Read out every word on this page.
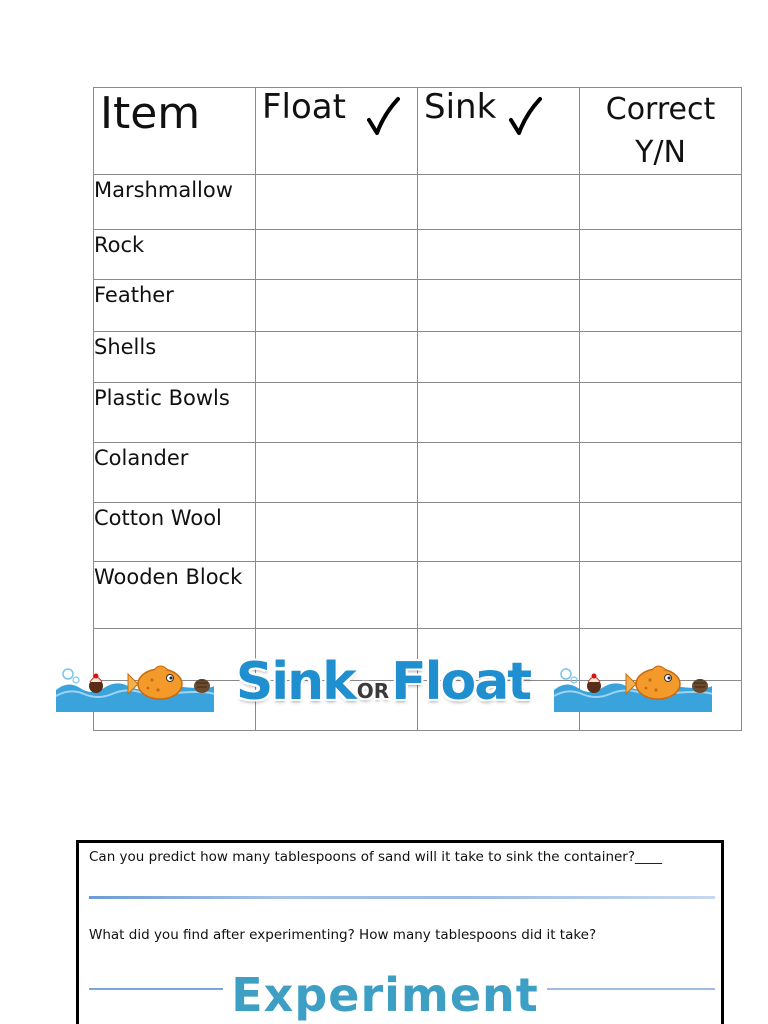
Item	Float	Sink	Correct
Y/N

Marshmallow			
Rock			
Feather			
Shells			
Plastic Bowls			
Colander			
Cotton Wool			
Wooden Block			

Sink ORFloat
Can you predict how many tablespoons of sand will it take to sink the container?____
What did you find after experimenting? How many tablespoons did it take?
Experiment
